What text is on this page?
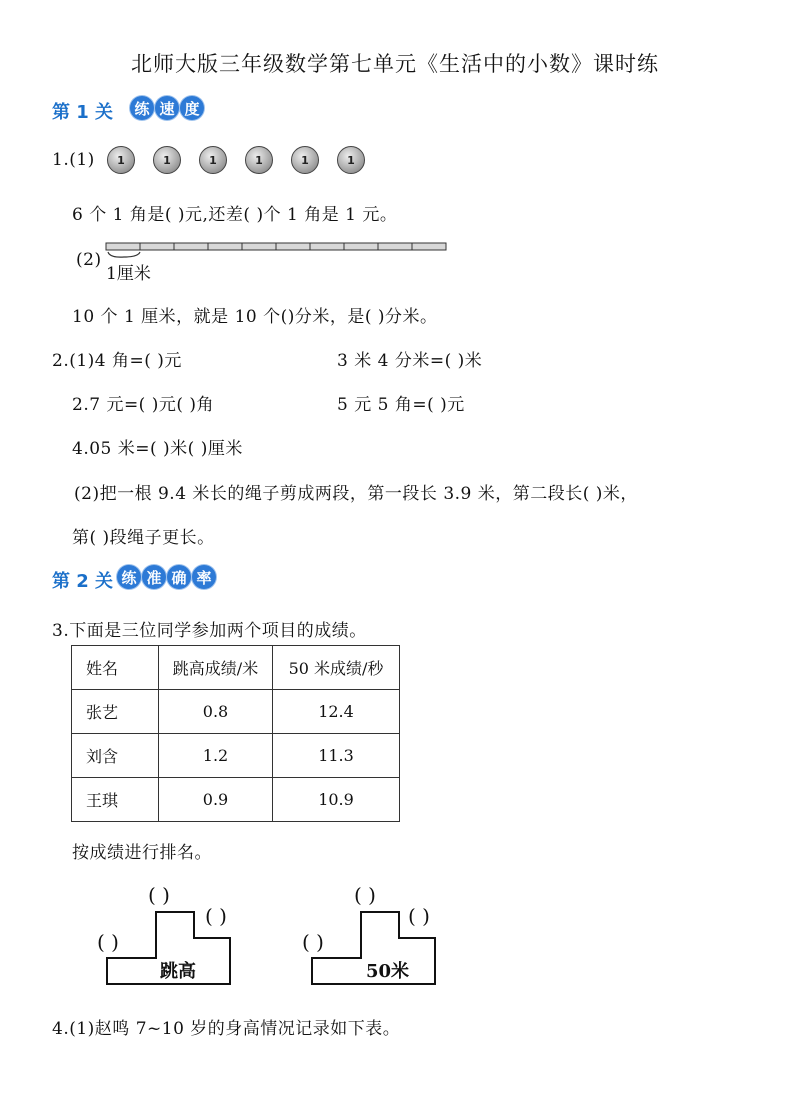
北师大版三年级数学第七单元《生活中的小数》课时练
第 1 关 练 速 度
1.(1)	1	1	1	1	1	1
6 个 1 角是( )元,还差( )个 1 角是 1 元。
(2)
1厘米
10 个 1 厘米，就是 10 个()分米，是( )分米。
2.(1)4 角=( )元	3 米 4 分米=( )米
2.7 元=( )元( )角	5 元 5 角=( )元
4.05 米=( )米( )厘米
(2)把一根 9.4 米长的绳子剪成两段，第一段长 3.9 米，第二段长( )米，
第( )段绳子更长。
第 2 关 练 准 确 率
3.下面是三位同学参加两个项目的成绩。
姓名	跳高成绩/米	50 米成绩/秒
张艺	0.8	12.4
刘含	1.2	11.3
王琪	0.9	10.9
按成绩进行排名。
跳高
( )
( )
( )
50米
( )
( )
( )
4.(1)赵鸣 7~10 岁的身高情况记录如下表。
